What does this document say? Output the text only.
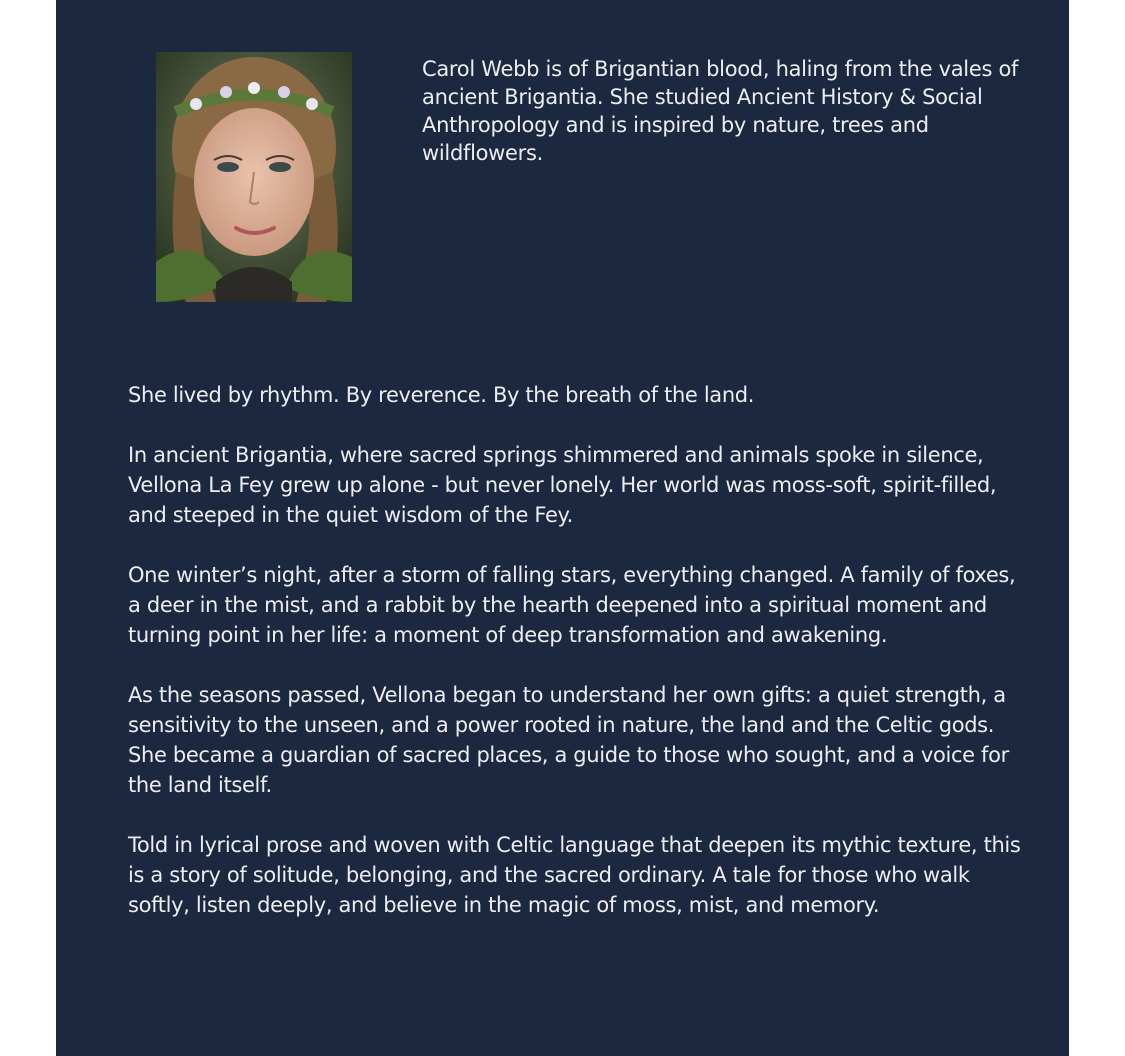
Carol Webb is of Brigantian blood, haling from the vales of ancient Brigantia. She studied Ancient History & Social Anthropology and is inspired by nature, trees and wildflowers.

She lived by rhythm. By reverence. By the breath of the land.

In ancient Brigantia, where sacred springs shimmered and animals spoke in silence, Vellona La Fey grew up alone - but never lonely. Her world was moss-soft, spirit-filled, and steeped in the quiet wisdom of the Fey.

One winter’s night, after a storm of falling stars, everything changed. A family of foxes, a deer in the mist, and a rabbit by the hearth deepened into a spiritual moment and turning point in her life: a moment of deep transformation and awakening.

As the seasons passed, Vellona began to understand her own gifts: a quiet strength, a sensitivity to the unseen, and a power rooted in nature, the land and the Celtic gods. She became a guardian of sacred places, a guide to those who sought, and a voice for the land itself.

Told in lyrical prose and woven with Celtic language that deepen its mythic texture, this is a story of solitude, belonging, and the sacred ordinary. A tale for those who walk softly, listen deeply, and believe in the magic of moss, mist, and memory.
